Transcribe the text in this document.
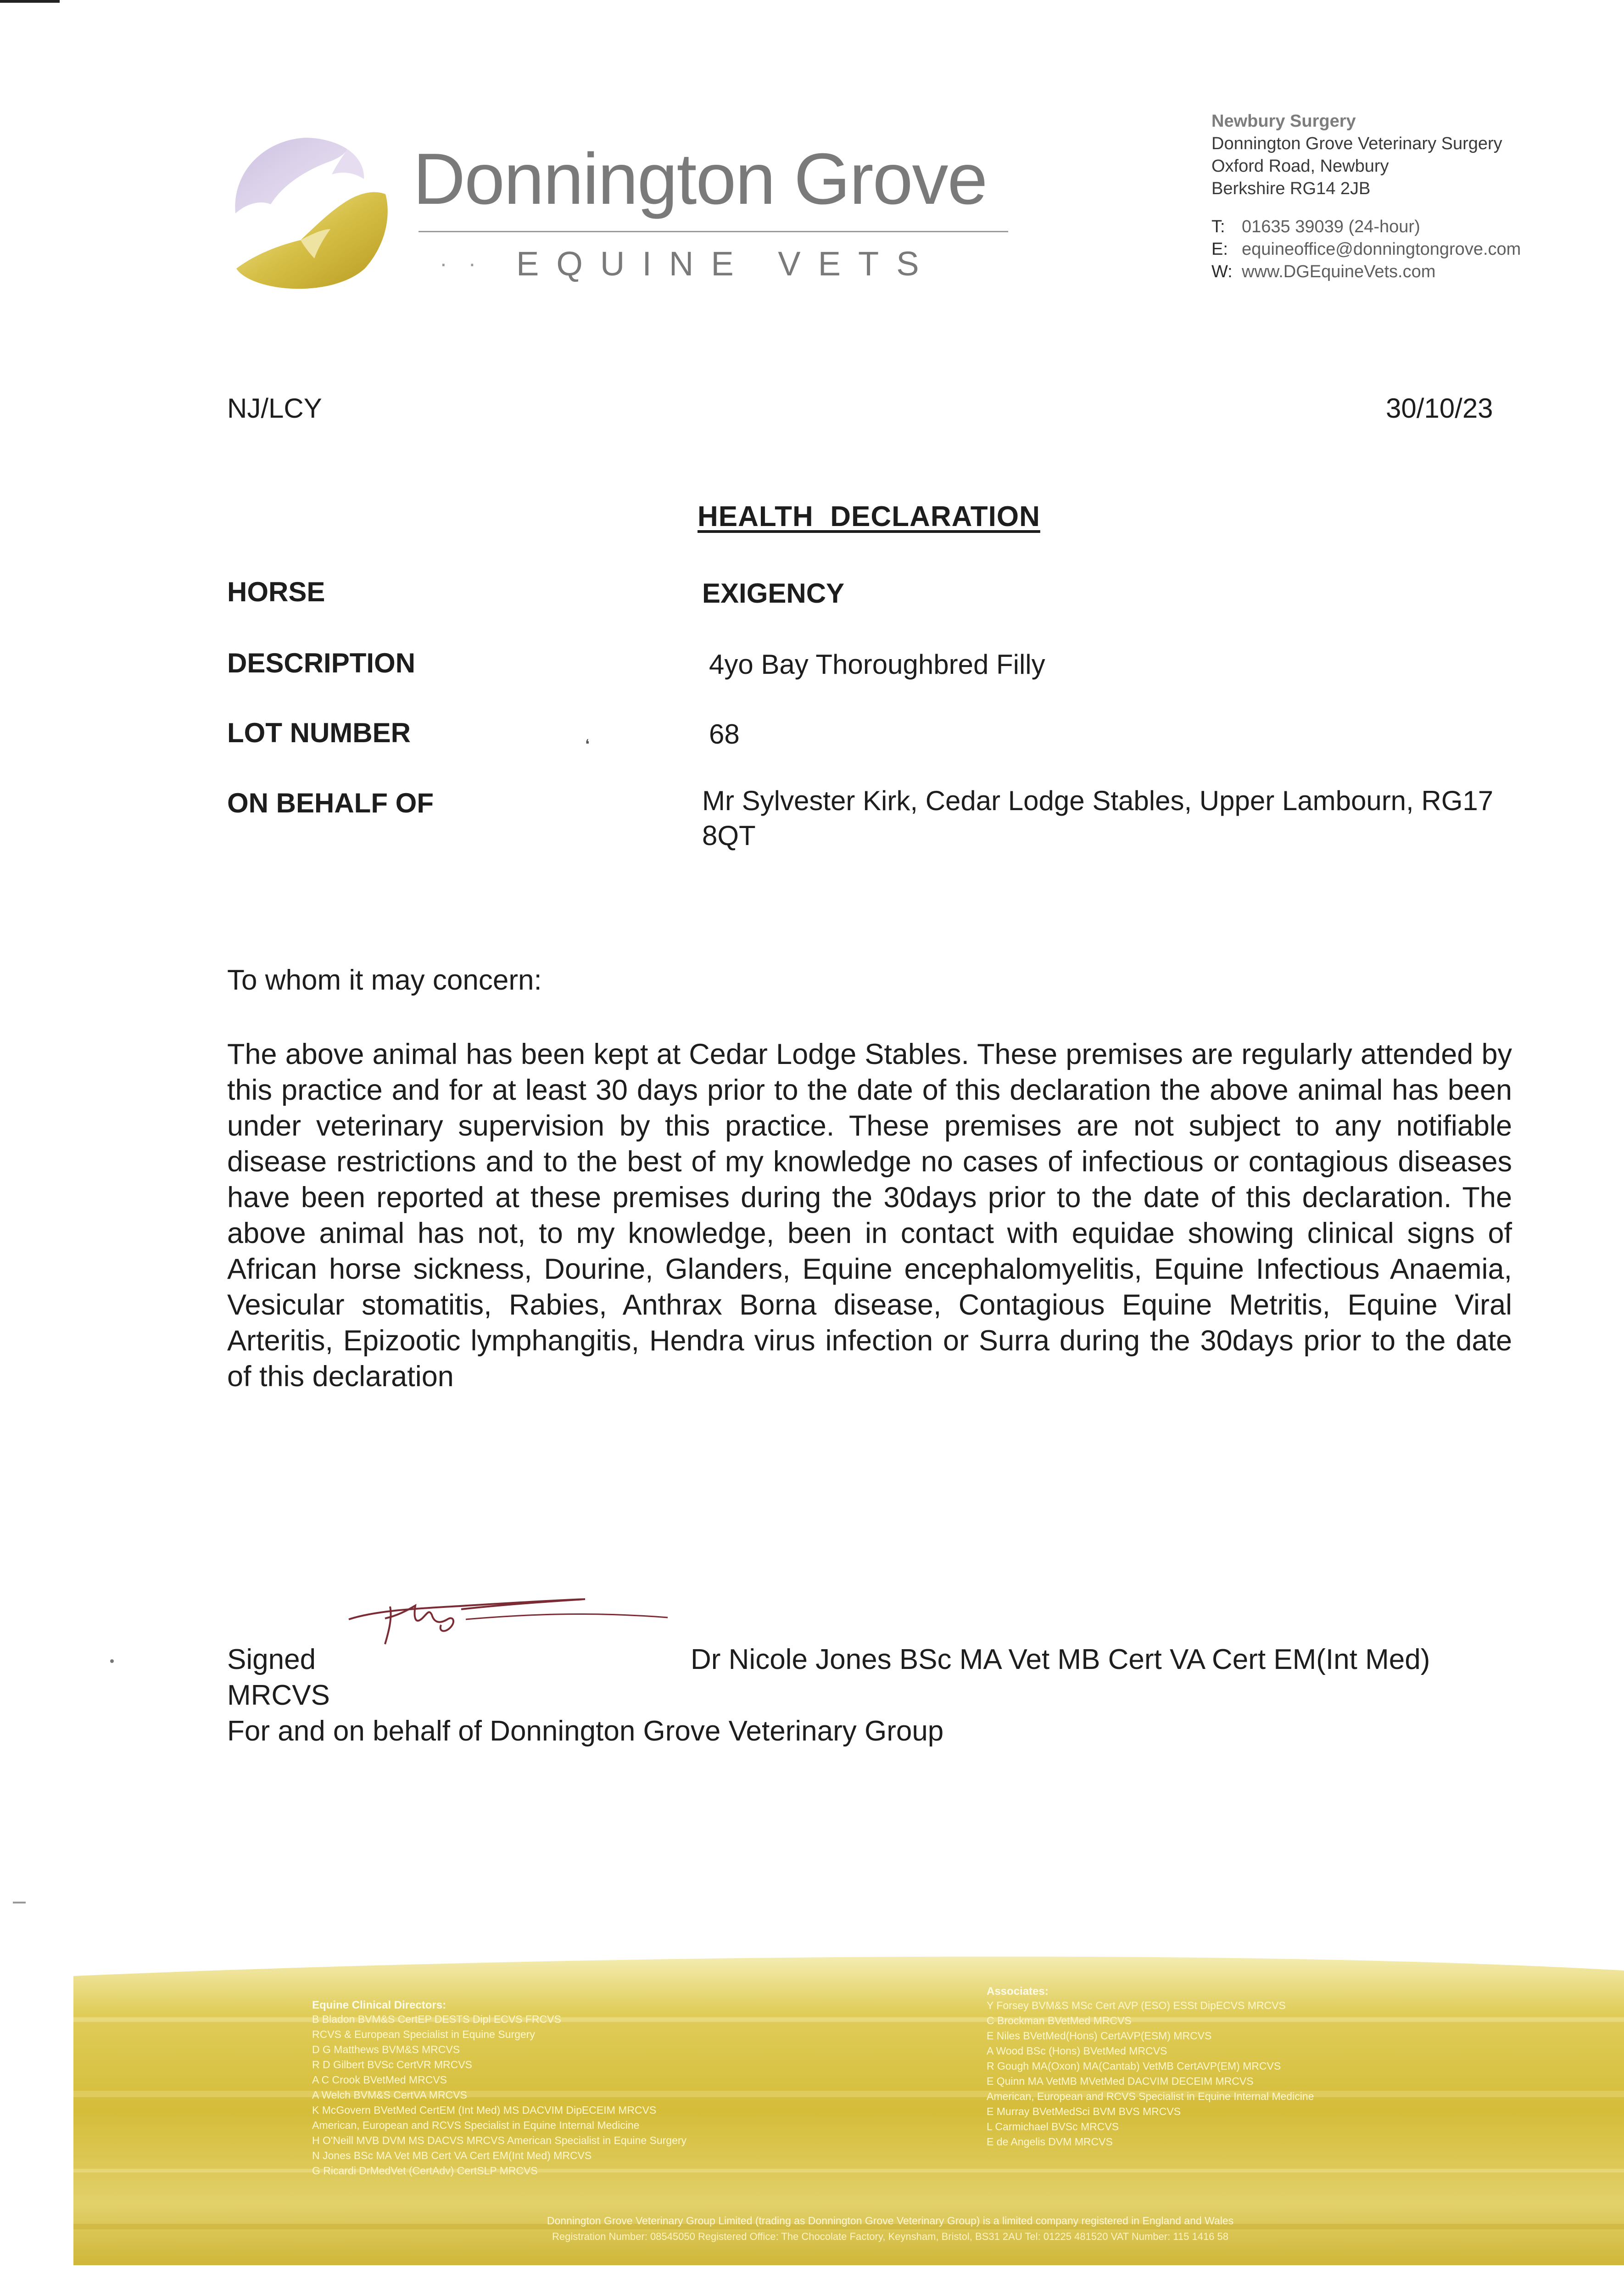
Donnington Grove
· · EQUINE VETS
Newbury Surgery
Donnington Grove Veterinary Surgery
Oxford Road, Newbury
Berkshire RG14 2JB
T: 01635 39039 (24-hour)
E: equineoffice@donningtongrove.com
W: www.DGEquineVets.com
NJ/LCY	30/10/23
HEALTH  DECLARATION
HORSE	EXIGENCY
DESCRIPTION	4yo Bay Thoroughbred Filly
LOT NUMBER	❛	68
ON BEHALF OF	Mr Sylvester Kirk, Cedar Lodge Stables, Upper Lambourn, RG17 8QT
To whom it may concern:
The above animal has been kept at Cedar Lodge Stables. These premises are regularly attended by this practice and for at least 30 days prior to the date of this declaration the above animal has been under veterinary supervision by this practice. These premises are not subject to any notifiable disease restrictions and to the best of my knowledge no cases of infectious or contagious diseases have been reported at these premises during the 30days prior to the date of this declaration. The above animal has not, to my knowledge, been in contact with equidae showing clinical signs of African horse sickness, Dourine, Glanders, Equine encephalomyelitis, Equine Infectious Anaemia, Vesicular stomatitis, Rabies, Anthrax Borna disease, Contagious Equine Metritis, Equine Viral Arteritis, Epizootic lymphangitis, Hendra virus infection or Surra during the 30days prior to the date of this declaration
Signed	Dr Nicole Jones BSc MA Vet MB Cert VA Cert EM(Int Med)
MRCVS
For and on behalf of Donnington Grove Veterinary Group
Equine Clinical Directors:
B Bladon BVM&S CertEP DESTS Dipl ECVS FRCVS
RCVS & European Specialist in Equine Surgery
D G Matthews BVM&S MRCVS
R D Gilbert BVSc CertVR MRCVS
A C Crook BVetMed MRCVS
A Welch BVM&S CertVA MRCVS
K McGovern BVetMed CertEM (Int Med) MS DACVIM DipECEIM MRCVS
American, European and RCVS Specialist in Equine Internal Medicine
H O'Neill MVB DVM MS DACVS MRCVS American Specialist in Equine Surgery
N Jones BSc MA Vet MB Cert VA Cert EM(Int Med) MRCVS
G Ricardi DrMedVet (CertAdv) CertSLP MRCVS
Associates:
Y Forsey BVM&S MSc Cert AVP (ESO) ESSt DipECVS MRCVS
C Brockman BVetMed MRCVS
E Niles BVetMed(Hons) CertAVP(ESM) MRCVS
A Wood BSc (Hons) BVetMed MRCVS
R Gough MA(Oxon) MA(Cantab) VetMB CertAVP(EM) MRCVS
E Quinn MA VetMB MVetMed DACVIM DECEIM MRCVS
American, European and RCVS Specialist in Equine Internal Medicine
E Murray BVetMedSci BVM BVS MRCVS
L Carmichael BVSc MRCVS
E de Angelis DVM MRCVS
Donnington Grove Veterinary Group Limited (trading as Donnington Grove Veterinary Group) is a limited company registered in England and Wales
Registration Number: 08545050 Registered Office: The Chocolate Factory, Keynsham, Bristol, BS31 2AU Tel: 01225 481520 VAT Number: 115 1416 58
